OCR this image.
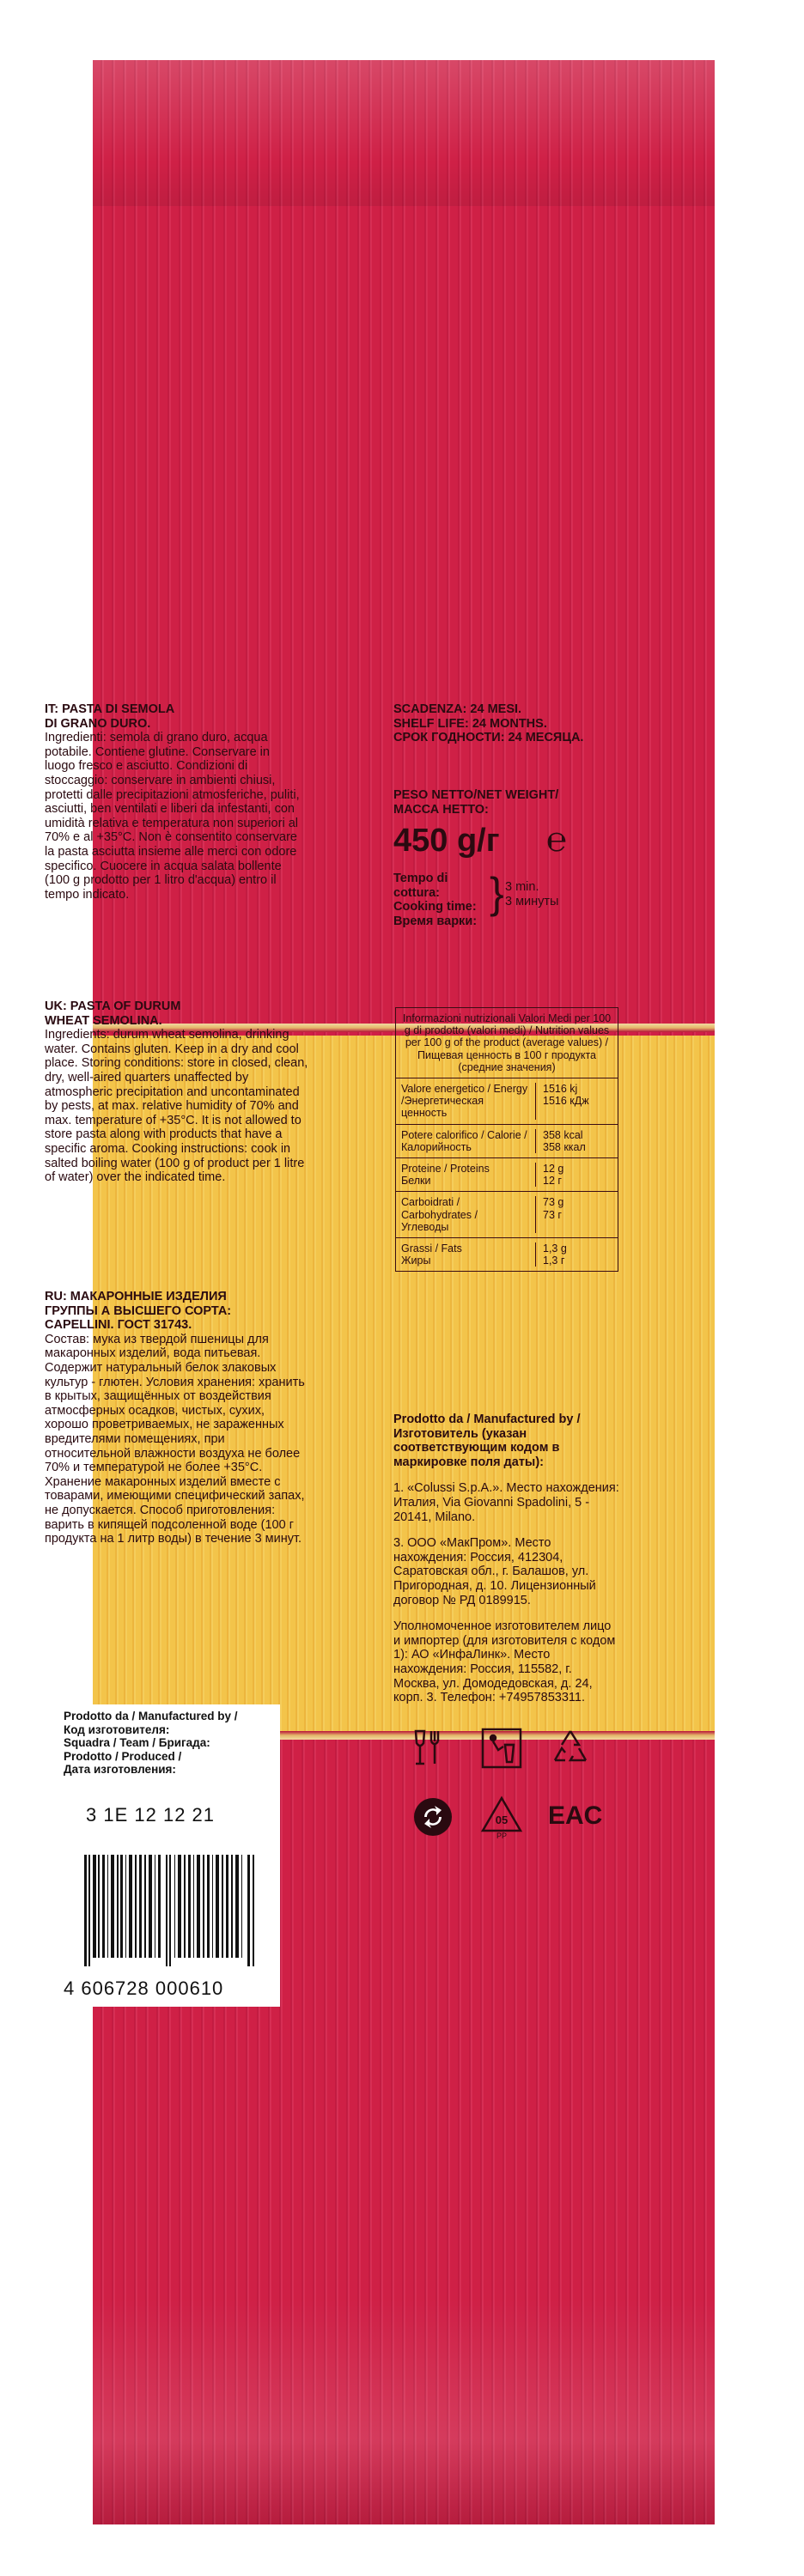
IT: PASTA DI SEMOLA
DI GRANO DURO.
Ingredienti: semola di grano duro, acqua potabile. Contiene glutine. Conservare in luogo fresco e asciutto. Condizioni di stoccaggio: conservare in ambienti chiusi, protetti dalle precipitazioni atmosferiche, puliti, asciutti, ben ventilati e liberi da infestanti, con umidità relativa e temperatura non superiori al 70% e al +35°C. Non è consentito conservare la pasta asciutta insieme alle merci con odore specifico. Cuocere in acqua salata bollente (100 g prodotto per 1 litro d'acqua) entro il tempo indicato.
SCADENZA: 24 MESI.
SHELF LIFE: 24 MONTHS.
СРОК ГОДНОСТИ: 24 МЕСЯЦА.
PESO NETTO/NET WEIGHT/
МАССА НЕТТО:
450 g/г ℮
Tempo di cottura:
Cooking time:
Время варки:
} 3 min.
3 минуты
UK: PASTA OF DURUM
WHEAT SEMOLINA.
Ingredients: durum wheat semolina, drinking water. Contains gluten. Keep in a dry and cool place. Storing conditions: store in closed, clean, dry, well-aired quarters unaffected by atmospheric precipitation and uncontaminated by pests, at max. relative humidity of 70% and max. temperature of +35°C. It is not allowed to store pasta along with products that have a specific aroma. Cooking instructions: cook in salted boiling water (100 g of product per 1 litre of water) over the indicated time.
RU: МАКАРОННЫЕ ИЗДЕЛИЯ
ГРУППЫ А ВЫСШЕГО СОРТА:
CAPELLINI. ГОСТ 31743.
Состав: мука из твердой пшеницы для макаронных изделий, вода питьевая. Содержит натуральный белок злаковых культур - глютен. Условия хранения: хранить в крытых, защищённых от воздействия атмосферных осадков, чистых, сухих, хорошо проветриваемых, не зараженных вредителями помещениях, при относительной влажности воздуха не более 70% и температурой не более +35°С. Хранение макаронных изделий вместе с товарами, имеющими специфический запах, не допускается. Способ приготовления: варить в кипящей подсоленной воде (100 г продукта на 1 литр воды) в течение 3 минут.
Informazioni nutrizionali Valori Medi per 100 g di prodotto (valori medi) / Nutrition values per 100 g of the product (average values) / Пищевая ценность в 100 г продукта (средние значения)
Valore energetico / Energy /Энергетическая ценность
1516 kj
1516 кДж
Potere calorifico / Calorie /Калорийность
358 kcal
358 ккал
Proteine / Proteins
Белки
12 g
12 г
Carboidrati /
Carbohydrates /
Углеводы
73 g
73 г
Grassi / Fats
Жиры
1,3 g
1,3 г
Prodotto da / Manufactured by / Изготовитель (указан соответствующим кодом в маркировке поля даты):
1. «Colussi S.p.A.». Место нахождения: Италия, Via Giovanni Spadolini, 5 - 20141, Milano.
3. ООО «МакПром». Место нахождения: Россия, 412304, Саратовская обл., г. Балашов, ул. Пригородная, д. 10. Лицензионный договор № РД 0189915.
Уполномоченное изготовителем лицо и импортер (для изготовителя с кодом 1): АО «ИнфаЛинк». Место нахождения: Россия, 115582, г. Москва, ул. Домодедовская, д. 24, корп. 3. Телефон: +74957853311.
Prodotto da / Manufactured by /
Код изготовителя:
Squadra / Team / Бригада:
Prodotto / Produced /
Дата изготовления:
3 1E 12 12 21
4 606728 000610
05
PP
EAC
